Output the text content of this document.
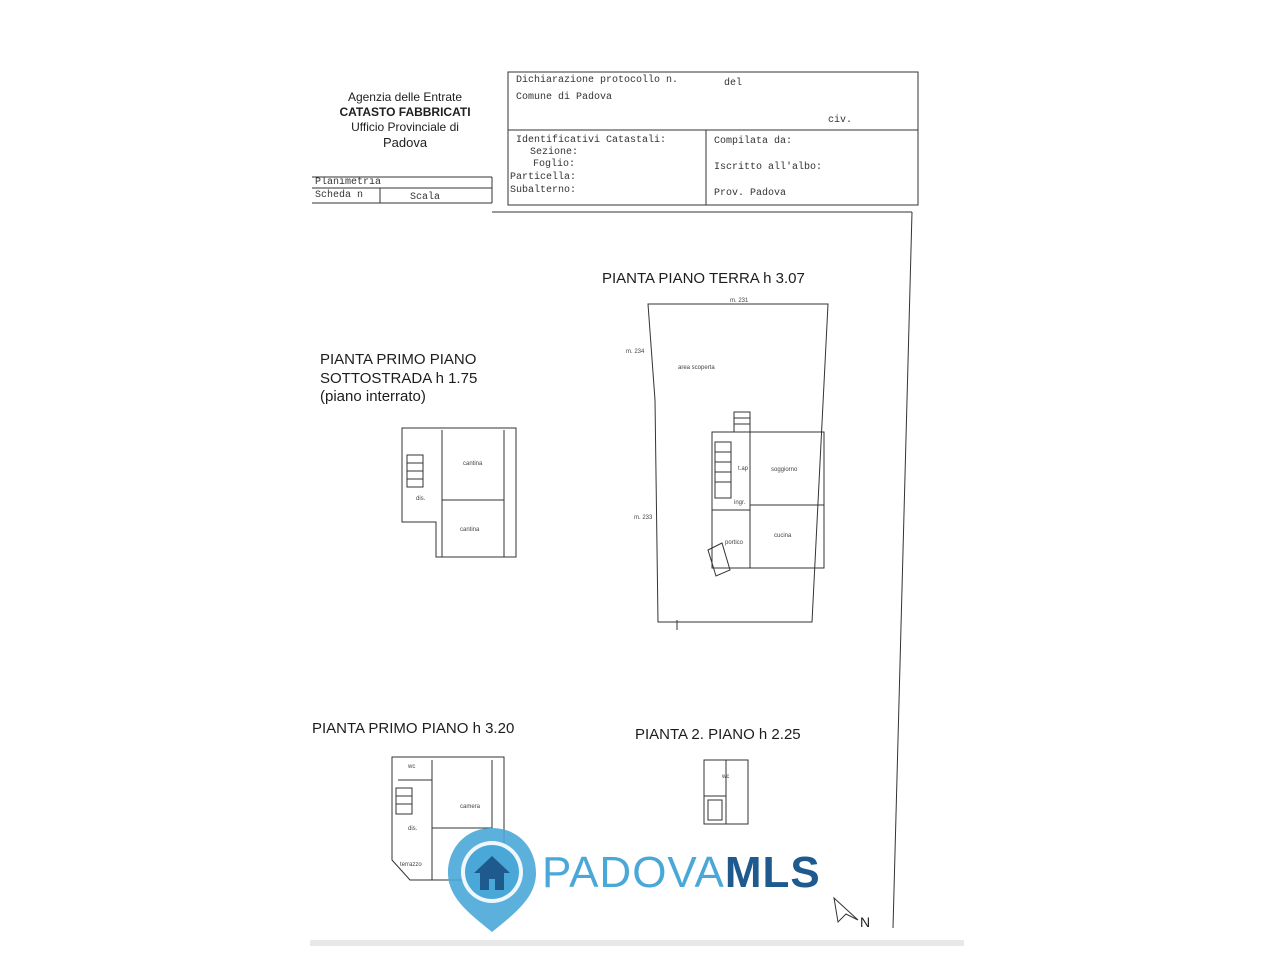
Agenzia delle Entrate
CATASTO FABBRICATI
Ufficio Provinciale di
Padova
Planimetria
Scheda n	Scala
Dichiarazione protocollo n.	del
Comune di Padova
civ.
Identificativi Catastali:
Sezione:
Foglio:
Particella:
Subalterno:
Compilata da:
Iscritto all'albo:
Prov. Padova
PIANTA PIANO TERRA h 3.07
PIANTA PRIMO PIANO
SOTTOSTRADA h 1.75
(piano interrato)
PIANTA PRIMO PIANO h 3.20	PIANTA 2. PIANO h 2.25
m. 231
m. 234
m. 233
area scoperta
soggiorno
cucina
portico
ingr.
t.ap
cantina
cantina
dis.
camera
wc
dis.
terrazzo
wc
N
PADOVAMLS
